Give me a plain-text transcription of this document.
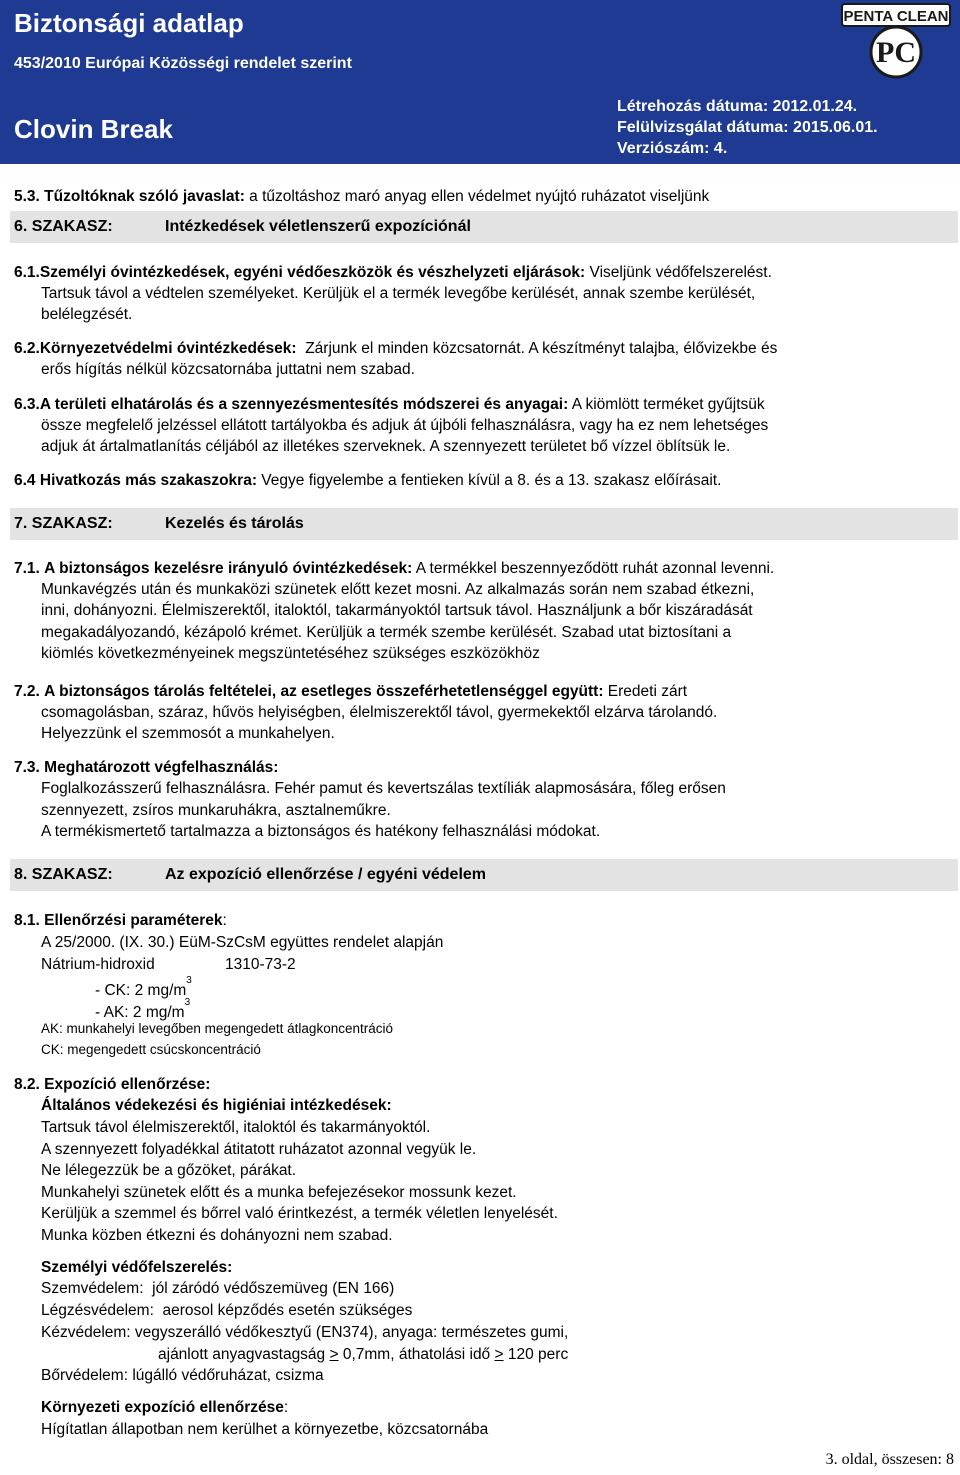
Biztonsági adatlap
453/2010 Európai Közösségi rendelet szerint
Clovin Break
Létrehozás dátuma: 2012.01.24.
Felülvizsgálat dátuma: 2015.06.01.
Verziószám: 4.
PENTA CLEAN
PC
5.3. Tűzoltóknak szóló javaslat: a tűzoltáshoz maró anyag ellen védelmet nyújtó ruházatot viseljünk
6. SZAKASZ:	Intézkedések véletlenszerű expozíciónál
6.1.Személyi óvintézkedések, egyéni védőeszközök és vészhelyzeti eljárások: Viseljünk védőfelszerelést.
Tartsuk távol a védtelen személyeket. Kerüljük el a termék levegőbe kerülését, annak szembe kerülését,
belélegzését.
6.2.Környezetvédelmi óvintézkedések: Zárjunk el minden közcsatornát. A készítményt talajba, élővizekbe és
erős hígítás nélkül közcsatornába juttatni nem szabad.
6.3.A területi elhatárolás és a szennyezésmentesítés módszerei és anyagai: A kiömlött terméket gyűjtsük
össze megfelelő jelzéssel ellátott tartályokba és adjuk át újbóli felhasználásra, vagy ha ez nem lehetséges
adjuk át ártalmatlanítás céljából az illetékes szerveknek. A szennyezett területet bő vízzel öblítsük le.
6.4 Hivatkozás más szakaszokra: Vegye figyelembe a fentieken kívül a 8. és a 13. szakasz előírásait.
7. SZAKASZ:	Kezelés és tárolás
7.1. A biztonságos kezelésre irányuló óvintézkedések: A termékkel beszennyeződött ruhát azonnal levenni.
Munkavégzés után és munkaközi szünetek előtt kezet mosni. Az alkalmazás során nem szabad étkezni,
inni, dohányozni. Élelmiszerektől, italoktól, takarmányoktól tartsuk távol. Használjunk a bőr kiszáradását
megakadályozandó, kézápoló krémet. Kerüljük a termék szembe kerülését. Szabad utat biztosítani a
kiömlés következményeinek megszüntetéséhez szükséges eszközökhöz
7.2. A biztonságos tárolás feltételei, az esetleges összeférhetetlenséggel együtt: Eredeti zárt
csomagolásban, száraz, hűvös helyiségben, élelmiszerektől távol, gyermekektől elzárva tárolandó.
Helyezzünk el szemmosót a munkahelyen.
7.3. Meghatározott végfelhasználás:
Foglalkozásszerű felhasználásra. Fehér pamut és kevertszálas textíliák alapmosására, főleg erősen
szennyezett, zsíros munkaruhákra, asztalneműkre.
A termékismertető tartalmazza a biztonságos és hatékony felhasználási módokat.
8. SZAKASZ:	Az expozíció ellenőrzése / egyéni védelem
8.1. Ellenőrzési paraméterek:
A 25/2000. (IX. 30.) EüM-SzCsM együttes rendelet alapján
Nátrium-hidroxid	1310-73-2
- CK: 2 $mg/m^3$
- AK: 2 $mg/m^3$
AK: munkahelyi levegőben megengedett átlagkoncentráció
CK: megengedett csúcskoncentráció
8.2. Expozíció ellenőrzése:
Általános védekezési és higiéniai intézkedések:
Tartsuk távol élelmiszerektől, italoktól és takarmányoktól.
A szennyezett folyadékkal átitatott ruházatot azonnal vegyük le.
Ne lélegezzük be a gőzöket, párákat.
Munkahelyi szünetek előtt és a munka befejezésekor mossunk kezet.
Kerüljük a szemmel és bőrrel való érintkezést, a termék véletlen lenyelését.
Munka közben étkezni és dohányozni nem szabad.
Személyi védőfelszerelés:
Szemvédelem: jól záródó védőszemüveg (EN 166)
Légzésvédelem: aerosol képződés esetén szükséges
Kézvédelem: vegyszerálló védőkesztyű (EN374), anyaga: természetes gumi,
ajánlott anyagvastagság > 0,7mm, áthatolási idő > 120 perc
Bőrvédelem: lúgálló védőruházat, csizma
Környezeti expozíció ellenőrzése:
Hígítatlan állapotban nem kerülhet a környezetbe, közcsatornába
3. oldal, összesen: 8
